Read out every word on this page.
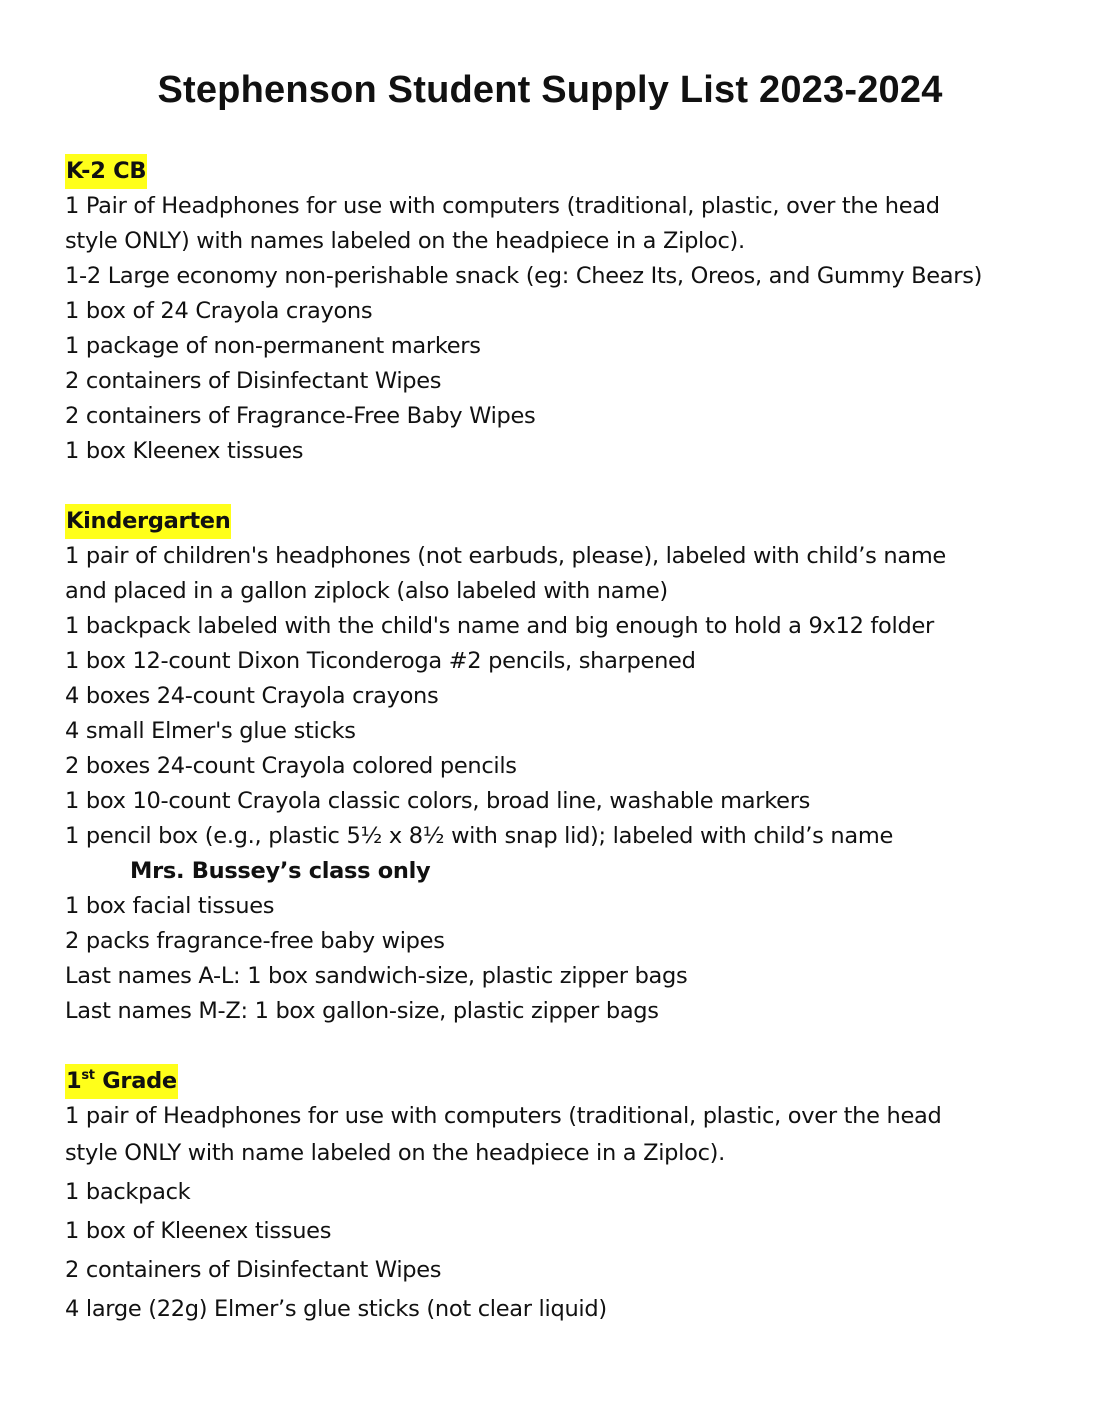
Stephenson Student Supply List 2023-2024
K-2 CB
1 Pair of Headphones for use with computers (traditional, plastic, over the head
style ONLY) with names labeled on the headpiece in a Ziploc).
1-2 Large economy non-perishable snack (eg: Cheez Its, Oreos, and Gummy Bears)
1 box of 24 Crayola crayons
1 package of non-permanent markers
2 containers of Disinfectant Wipes
2 containers of Fragrance-Free Baby Wipes
1 box Kleenex tissues
Kindergarten
1 pair of children's headphones (not earbuds, please), labeled with child’s name
and placed in a gallon ziplock (also labeled with name)
1 backpack labeled with the child's name and big enough to hold a 9x12 folder
1 box 12-count Dixon Ticonderoga #2 pencils, sharpened
4 boxes 24-count Crayola crayons
4 small Elmer's glue sticks
2 boxes 24-count Crayola colored pencils
1 box 10-count Crayola classic colors, broad line, washable markers
1 pencil box (e.g., plastic 5½ x 8½ with snap lid); labeled with child’s name
Mrs. Bussey’s class only
1 box facial tissues
2 packs fragrance-free baby wipes
Last names A-L: 1 box sandwich-size, plastic zipper bags
Last names M-Z: 1 box gallon-size, plastic zipper bags
1st Grade
1 pair of Headphones for use with computers (traditional, plastic, over the head
style ONLY with name labeled on the headpiece in a Ziploc).
1 backpack
1 box of Kleenex tissues
2 containers of Disinfectant Wipes
4 large (22g) Elmer’s glue sticks (not clear liquid)
